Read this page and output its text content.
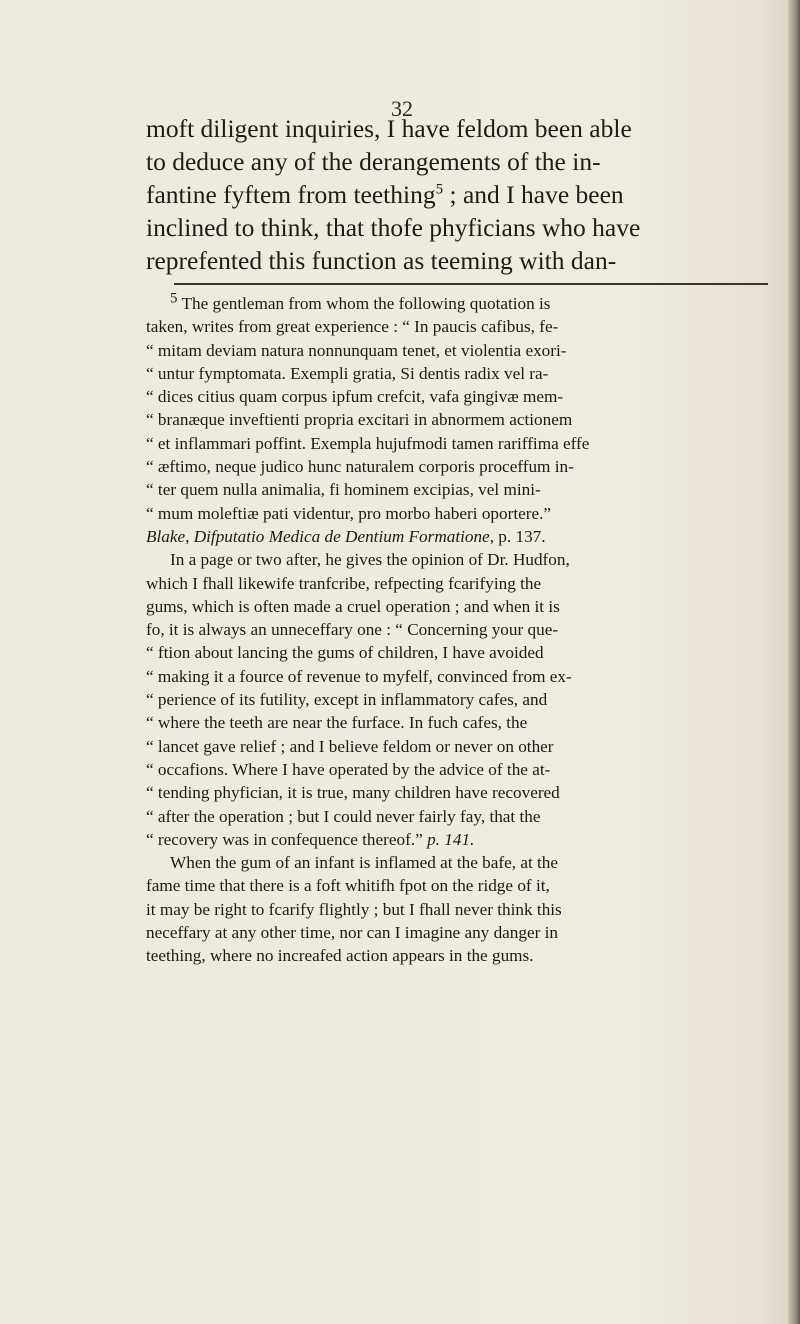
32
moft diligent inquiries, I have feldom been able
to deduce any of the derangements of the in-
fantine fyftem from teething$^5$ ; and I have been
inclined to think, that thofe phyficians who have
reprefented this function as teeming with dan-
5 The gentleman from whom the following quotation is
taken, writes from great experience : “ In paucis cafibus, fe-
“ mitam deviam natura nonnunquam tenet, et violentia exori-
“ untur fymptomata. Exempli gratia, Si dentis radix vel ra-
“ dices citius quam corpus ipfum crefcit, vafa gingivæ mem-
“ branæque inveftienti propria excitari in abnormem actionem
“ et inflammari poffint. Exempla hujufmodi tamen rariffima effe
“ æftimo, neque judico hunc naturalem corporis proceffum in-
“ ter quem nulla animalia, fi hominem excipias, vel mini-
“ mum moleftiæ pati videntur, pro morbo haberi oportere.”
Blake, Difputatio Medica de Dentium Formatione, p. 137.
In a page or two after, he gives the opinion of Dr. Hudfon,
which I fhall likewife tranfcribe, refpecting fcarifying the
gums, which is often made a cruel operation ; and when it is
fo, it is always an unneceffary one : “ Concerning your que-
“ ftion about lancing the gums of children, I have avoided
“ making it a fource of revenue to myfelf, convinced from ex-
“ perience of its futility, except in inflammatory cafes, and
“ where the teeth are near the furface. In fuch cafes, the
“ lancet gave relief ; and I believe feldom or never on other
“ occafions. Where I have operated by the advice of the at-
“ tending phyfician, it is true, many children have recovered
“ after the operation ; but I could never fairly fay, that the
“ recovery was in confequence thereof.” p. 141.
When the gum of an infant is inflamed at the bafe, at the
fame time that there is a foft whitifh fpot on the ridge of it,
it may be right to fcarify flightly ; but I fhall never think this
neceffary at any other time, nor can I imagine any danger in
teething, where no increafed action appears in the gums.
